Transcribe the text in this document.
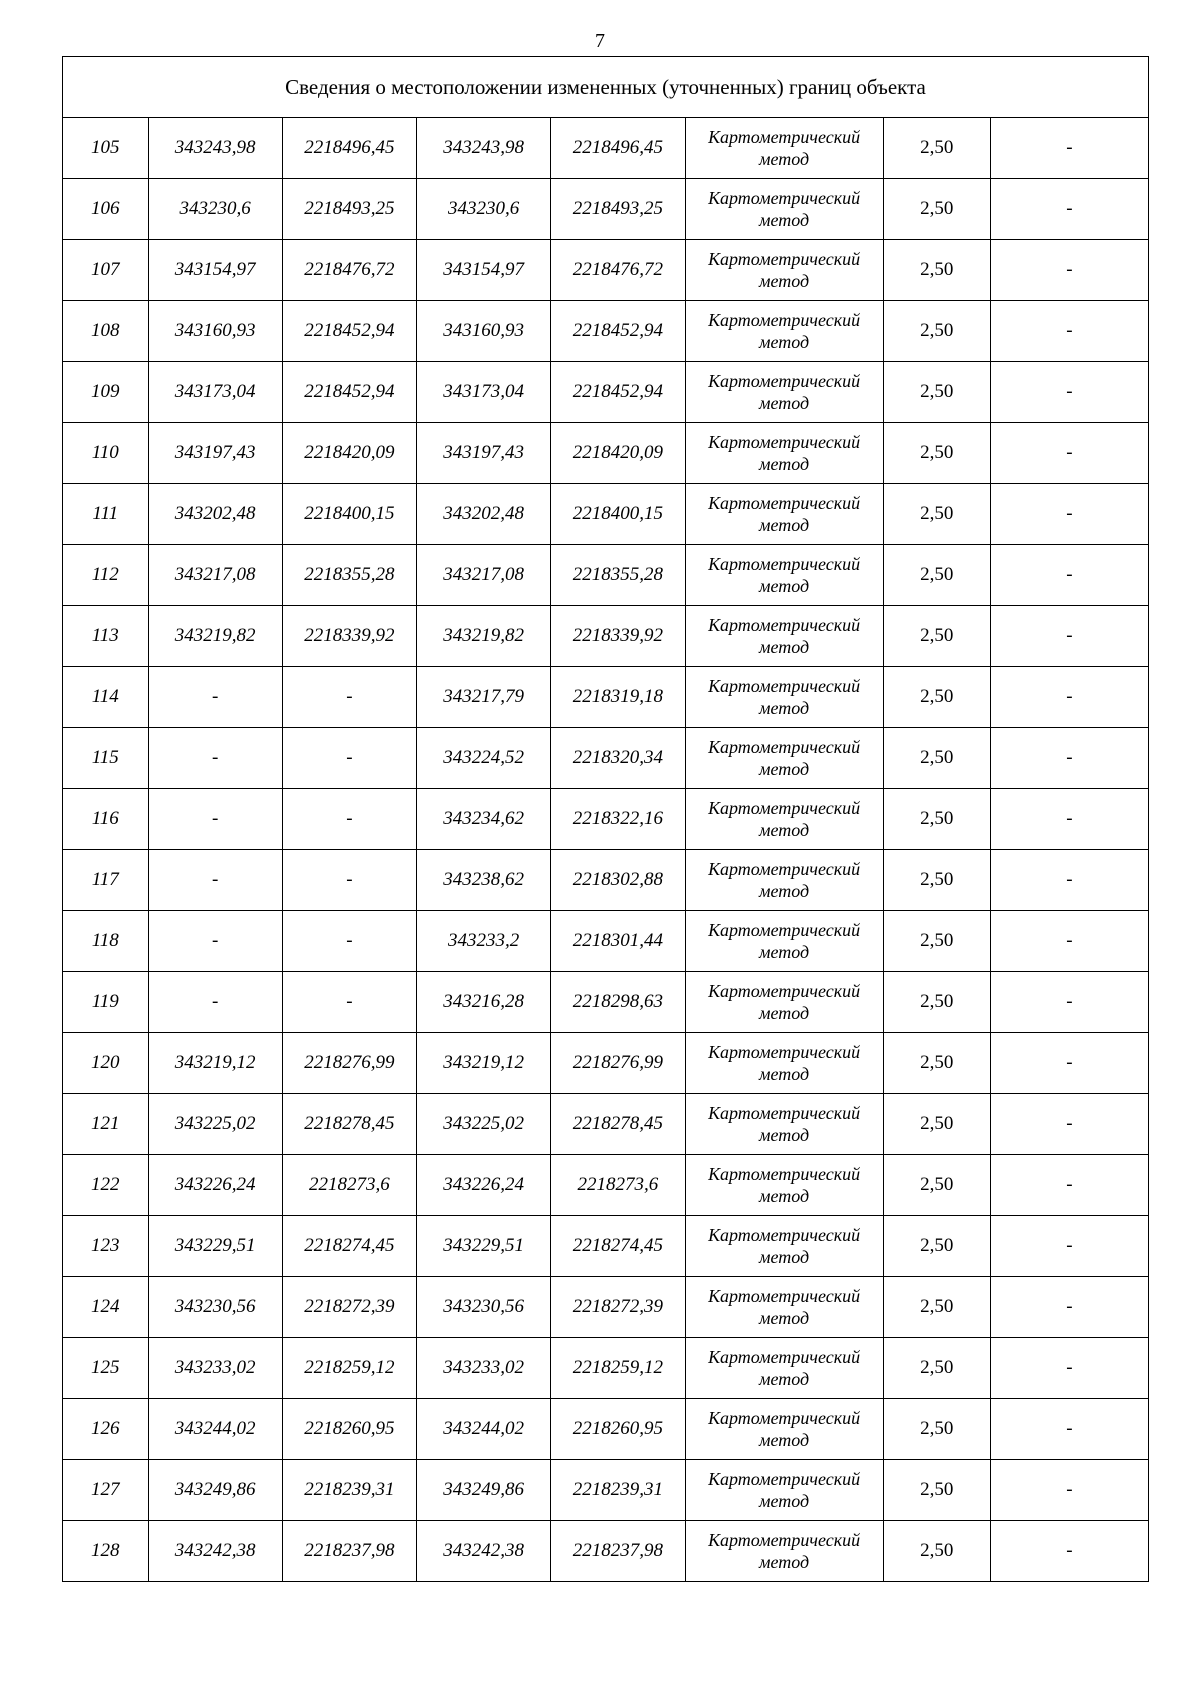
7
Сведения о местоположении измененных (уточненных) границ объекта							
105	343243,98	2218496,45	343243,98	2218496,45	Картометрический
метод	2,50	-
106	343230,6	2218493,25	343230,6	2218493,25	Картометрический
метод	2,50	-
107	343154,97	2218476,72	343154,97	2218476,72	Картометрический
метод	2,50	-
108	343160,93	2218452,94	343160,93	2218452,94	Картометрический
метод	2,50	-
109	343173,04	2218452,94	343173,04	2218452,94	Картометрический
метод	2,50	-
110	343197,43	2218420,09	343197,43	2218420,09	Картометрический
метод	2,50	-
111	343202,48	2218400,15	343202,48	2218400,15	Картометрический
метод	2,50	-
112	343217,08	2218355,28	343217,08	2218355,28	Картометрический
метод	2,50	-
113	343219,82	2218339,92	343219,82	2218339,92	Картометрический
метод	2,50	-
114	-	-	343217,79	2218319,18	Картометрический
метод	2,50	-
115	-	-	343224,52	2218320,34	Картометрический
метод	2,50	-
116	-	-	343234,62	2218322,16	Картометрический
метод	2,50	-
117	-	-	343238,62	2218302,88	Картометрический
метод	2,50	-
118	-	-	343233,2	2218301,44	Картометрический
метод	2,50	-
119	-	-	343216,28	2218298,63	Картометрический
метод	2,50	-
120	343219,12	2218276,99	343219,12	2218276,99	Картометрический
метод	2,50	-
121	343225,02	2218278,45	343225,02	2218278,45	Картометрический
метод	2,50	-
122	343226,24	2218273,6	343226,24	2218273,6	Картометрический
метод	2,50	-
123	343229,51	2218274,45	343229,51	2218274,45	Картометрический
метод	2,50	-
124	343230,56	2218272,39	343230,56	2218272,39	Картометрический
метод	2,50	-
125	343233,02	2218259,12	343233,02	2218259,12	Картометрический
метод	2,50	-
126	343244,02	2218260,95	343244,02	2218260,95	Картометрический
метод	2,50	-
127	343249,86	2218239,31	343249,86	2218239,31	Картометрический
метод	2,50	-
128	343242,38	2218237,98	343242,38	2218237,98	Картометрический
метод	2,50	-
